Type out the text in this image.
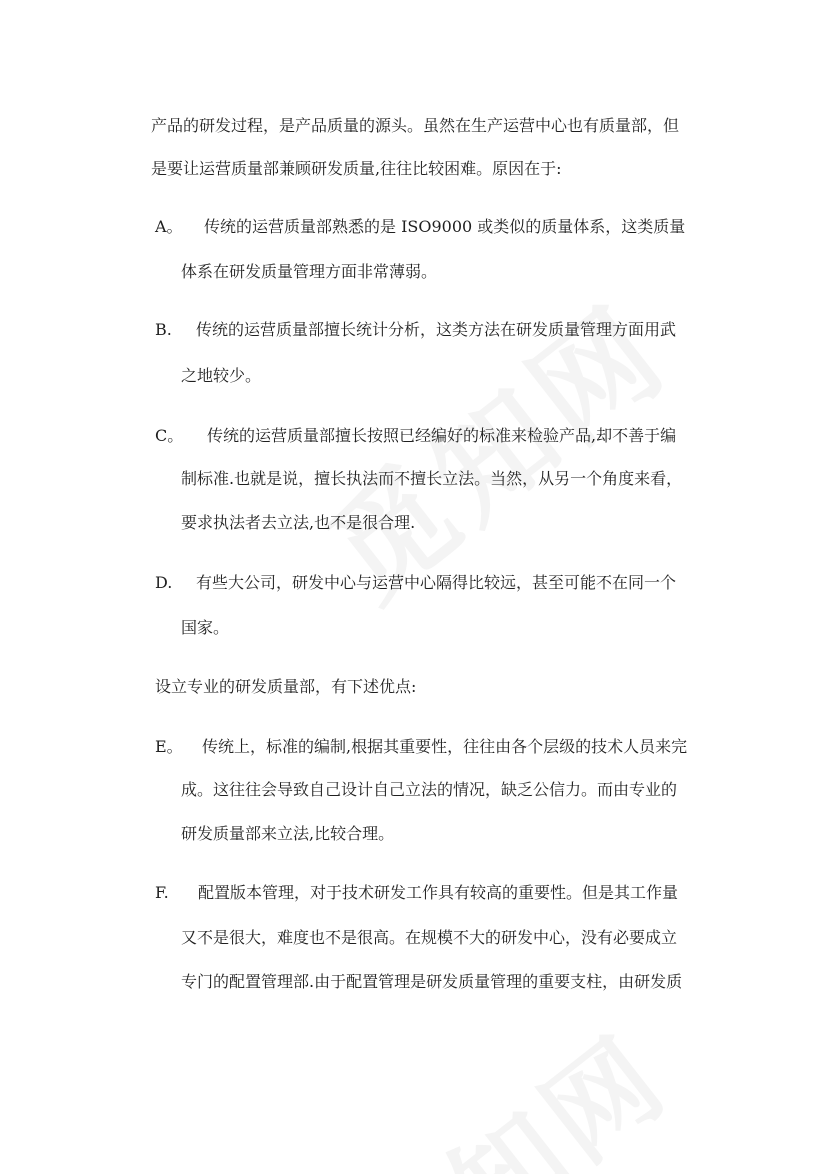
产品的研发过程，是产品质量的源头。虽然在生产运营中心也有质量部，但
是要让运营质量部兼顾研发质量,往往比较困难。原因在于:
A。 传统的运营质量部熟悉的是 ISO9000 或类似的质量体系，这类质量
体系在研发质量管理方面非常薄弱。
B. 传统的运营质量部擅长统计分析，这类方法在研发质量管理方面用武
之地较少。
C。 传统的运营质量部擅长按照已经编好的标准来检验产品,却不善于编
制标准.也就是说，擅长执法而不擅长立法。当然，从另一个角度来看，
要求执法者去立法,也不是很合理.
D. 有些大公司，研发中心与运营中心隔得比较远，甚至可能不在同一个
国家。
设立专业的研发质量部，有下述优点:
E。 传统上，标准的编制,根据其重要性，往往由各个层级的技术人员来完
成。这往往会导致自己设计自己立法的情况，缺乏公信力。而由专业的
研发质量部来立法,比较合理。
F. 配置版本管理，对于技术研发工作具有较高的重要性。但是其工作量
又不是很大，难度也不是很高。在规模不大的研发中心，没有必要成立
专门的配置管理部.由于配置管理是研发质量管理的重要支柱，由研发质
